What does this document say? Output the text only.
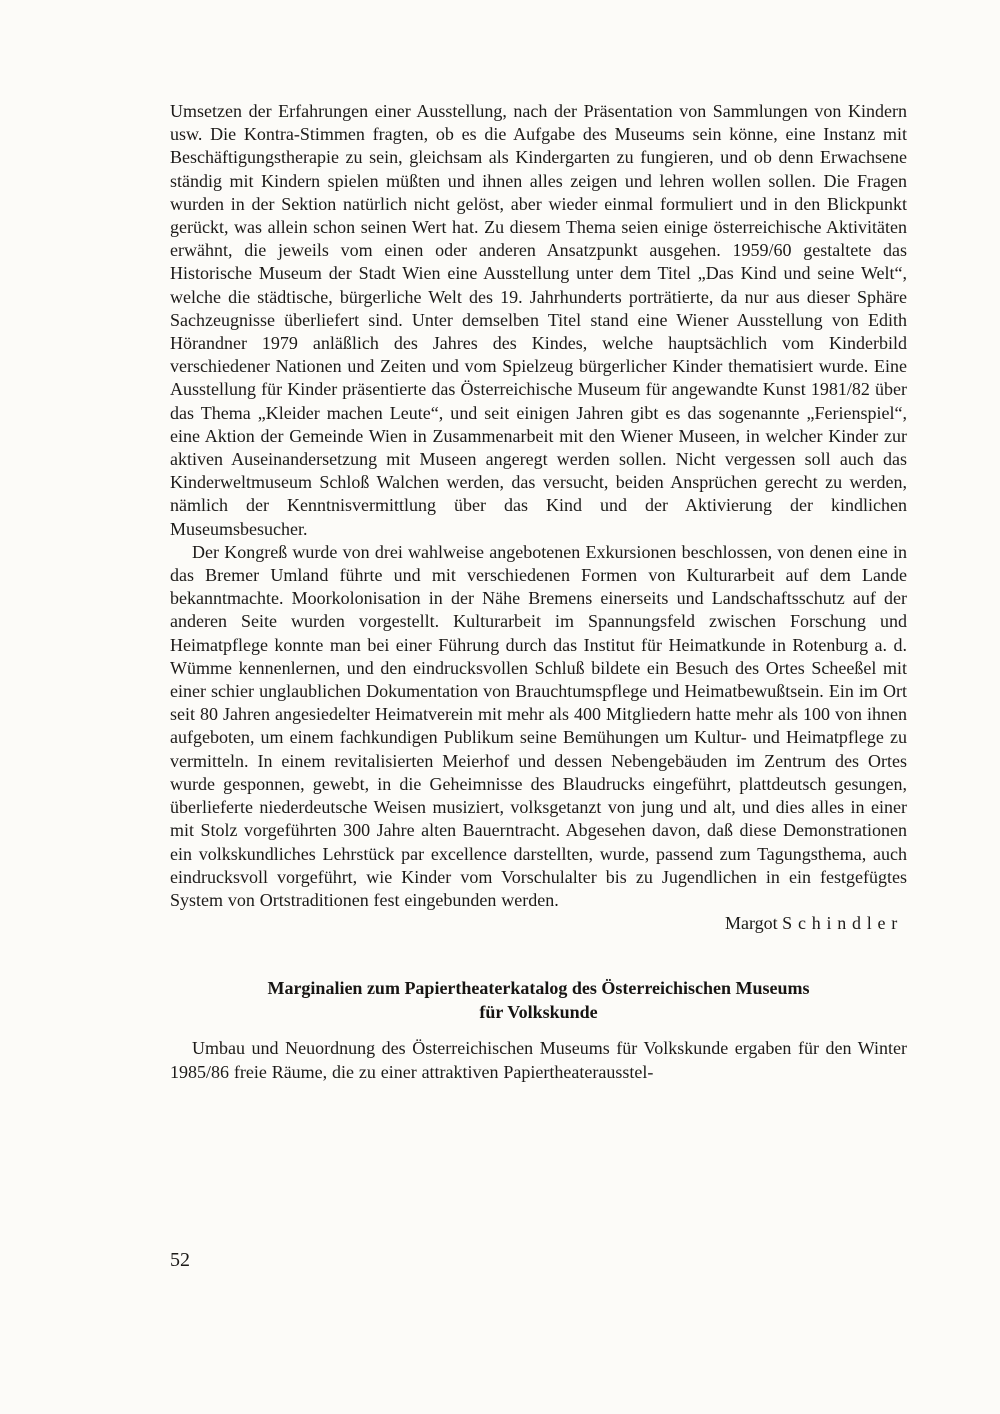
Umsetzen der Erfahrungen einer Ausstellung, nach der Präsentation von Sammlungen von Kindern usw. Die Kontra-Stimmen fragten, ob es die Aufgabe des Museums sein könne, eine Instanz mit Beschäftigungstherapie zu sein, gleichsam als Kindergarten zu fungieren, und ob denn Erwachsene ständig mit Kindern spielen müßten und ihnen alles zeigen und lehren wollen sollen. Die Fragen wurden in der Sektion natürlich nicht gelöst, aber wieder einmal formuliert und in den Blickpunkt gerückt, was allein schon seinen Wert hat. Zu diesem Thema seien einige österreichische Aktivitäten erwähnt, die jeweils vom einen oder anderen Ansatzpunkt ausgehen. 1959/60 gestaltete das Historische Museum der Stadt Wien eine Ausstellung unter dem Titel „Das Kind und seine Welt“, welche die städtische, bürgerliche Welt des 19. Jahrhunderts porträtierte, da nur aus dieser Sphäre Sachzeugnisse überliefert sind. Unter demselben Titel stand eine Wiener Ausstellung von Edith Hörandner 1979 anläßlich des Jahres des Kindes, welche hauptsächlich vom Kinderbild verschiedener Nationen und Zeiten und vom Spielzeug bürgerlicher Kinder thematisiert wurde. Eine Ausstellung für Kinder präsentierte das Österreichische Museum für angewandte Kunst 1981/82 über das Thema „Kleider machen Leute“, und seit einigen Jahren gibt es das sogenannte „Ferienspiel“, eine Aktion der Gemeinde Wien in Zusammenarbeit mit den Wiener Museen, in welcher Kinder zur aktiven Auseinandersetzung mit Museen angeregt werden sollen. Nicht vergessen soll auch das Kinderweltmuseum Schloß Walchen werden, das versucht, beiden Ansprüchen gerecht zu werden, nämlich der Kenntnisvermittlung über das Kind und der Aktivierung der kindlichen Museumsbesucher.

Der Kongreß wurde von drei wahlweise angebotenen Exkursionen beschlossen, von denen eine in das Bremer Umland führte und mit verschiedenen Formen von Kulturarbeit auf dem Lande bekanntmachte. Moorkolonisation in der Nähe Bremens einerseits und Landschaftsschutz auf der anderen Seite wurden vorgestellt. Kulturarbeit im Spannungsfeld zwischen Forschung und Heimatpflege konnte man bei einer Führung durch das Institut für Heimatkunde in Rotenburg a. d. Wümme kennenlernen, und den eindrucksvollen Schluß bildete ein Besuch des Ortes Scheeßel mit einer schier unglaublichen Dokumentation von Brauchtumspflege und Heimatbewußtsein. Ein im Ort seit 80 Jahren angesiedelter Heimatverein mit mehr als 400 Mitgliedern hatte mehr als 100 von ihnen aufgeboten, um einem fachkundigen Publikum seine Bemühungen um Kultur- und Heimatpflege zu vermitteln. In einem revitalisierten Meierhof und dessen Nebengebäuden im Zentrum des Ortes wurde gesponnen, gewebt, in die Geheimnisse des Blaudrucks eingeführt, plattdeutsch gesungen, überlieferte niederdeutsche Weisen musiziert, volksgetanzt von jung und alt, und dies alles in einer mit Stolz vorgeführten 300 Jahre alten Bauerntracht. Abgesehen davon, daß diese Demonstrationen ein volkskundliches Lehrstück par excellence darstellten, wurde, passend zum Tagungsthema, auch eindrucksvoll vorgeführt, wie Kinder vom Vorschulalter bis zu Jugendlichen in ein festgefügtes System von Ortstraditionen fest eingebunden werden.

Margot Schindler

Marginalien zum Papiertheaterkatalog des Österreichischen Museums
für Volkskunde

Umbau und Neuordnung des Österreichischen Museums für Volkskunde ergaben für den Winter 1985/86 freie Räume, die zu einer attraktiven Papiertheaterausstel-

52
